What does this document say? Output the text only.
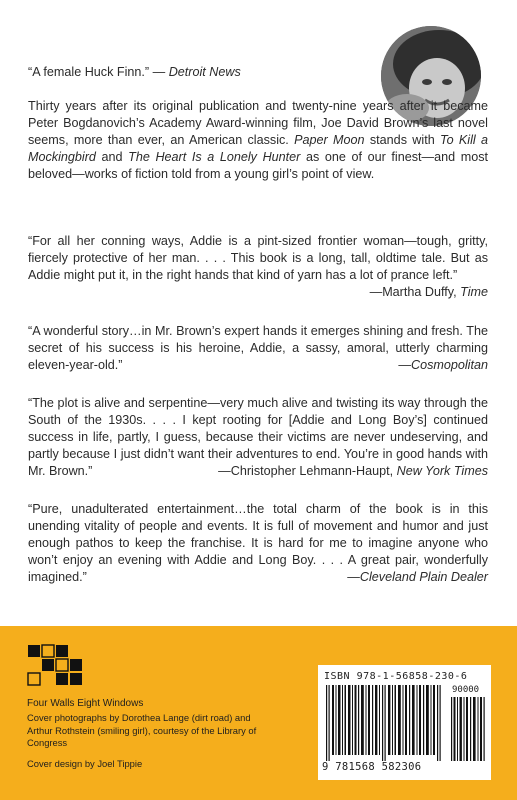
“A female Huck Finn.” — Detroit News

Thirty years after its original publication and twenty-nine years after it became Peter Bogdanovich’s Academy Award-winning film, Joe David Brown’s last novel seems, more than ever, an American classic. Paper Moon stands with To Kill a Mockingbird and The Heart Is a Lonely Hunter as one of our finest—and most beloved—works of fiction told from a young girl’s point of view.

“For all her conning ways, Addie is a pint-sized frontier woman—tough, gritty, fiercely protective of her man. . . . This book is a long, tall, oldtime tale. But as Addie might put it, in the right hands that kind of yarn has a lot of prance left.”

—Martha Duffy, Time

“A wonderful story…in Mr. Brown’s expert hands it emerges shining and fresh. The secret of his success is his heroine, Addie, a sassy, amoral, utterly charming eleven-year-old.”	—Cosmopolitan

“The plot is alive and serpentine—very much alive and twisting its way through the South of the 1930s. . . . I kept rooting for [Addie and Long Boy’s] continued success in life, partly, I guess, because their victims are never undeserving, and partly because I just didn’t want their adventures to end. You’re in good hands with Mr. Brown.”	—Christopher Lehmann-Haupt, New York Times

“Pure, unadulterated entertainment…the total charm of the book is in this unending vitality of people and events. It is full of movement and humor and just enough pathos to keep the franchise. It is hard for me to imagine anyone who won’t enjoy an evening with Addie and Long Boy. . . . A great pair, wonderfully imagined.”	—Cleveland Plain Dealer

Four Walls Eight Windows
Cover photographs by Dorothea Lange (dirt road) and Arthur Rothstein (smiling girl), courtesy of the Library of Congress
Cover design by Joel Tippie
ISBN 978-1-56858-230-6
90000
9 781568 582306
